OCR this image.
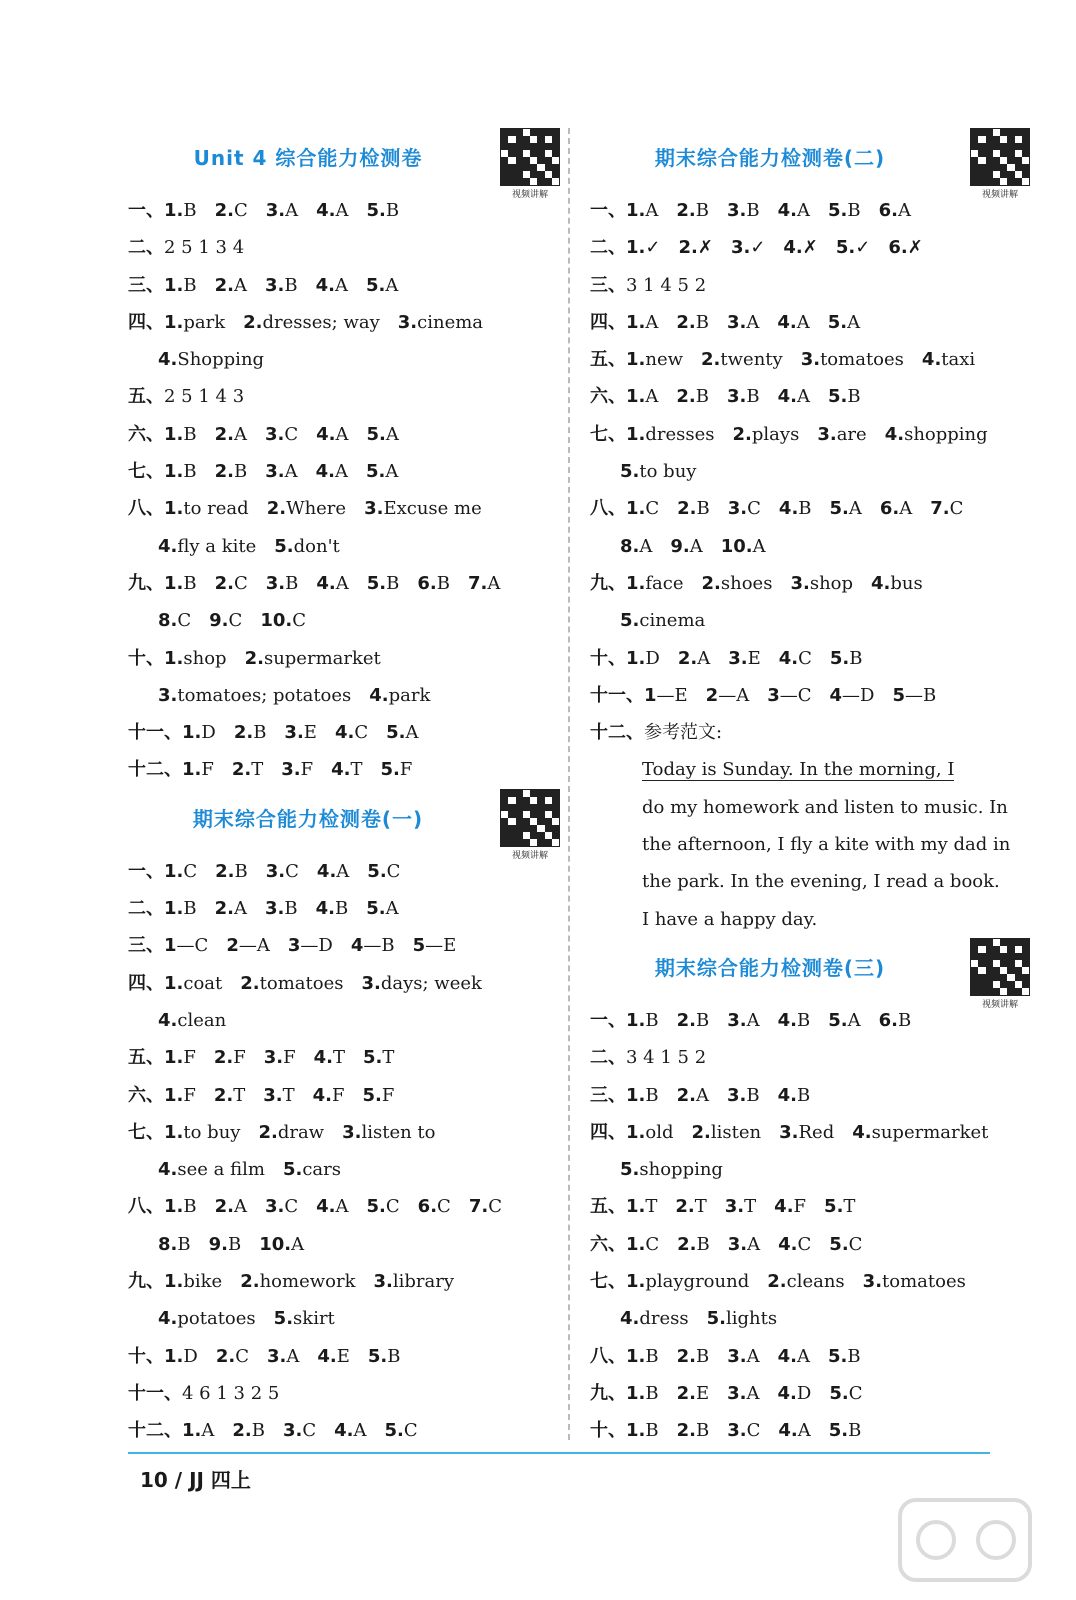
Unit 4 综合能力检测卷
视频讲解
一、1.B 2.C 3.A 4.A 5.B
二、2 5 1 3 4
三、1.B 2.A 3.B 4.A 5.A
四、1.park 2.dresses; way 3.cinema
4.Shopping
五、2 5 1 4 3
六、1.B 2.A 3.C 4.A 5.A
七、1.B 2.B 3.A 4.A 5.A
八、1.to read 2.Where 3.Excuse me
4.fly a kite 5.don't
九、1.B 2.C 3.B 4.A 5.B 6.B 7.A
8.C 9.C 10.C
十、1.shop 2.supermarket
3.tomatoes; potatoes 4.park
十一、1.D 2.B 3.E 4.C 5.A
十二、1.F 2.T 3.F 4.T 5.F
期末综合能力检测卷(一)
视频讲解
一、1.C 2.B 3.C 4.A 5.C
二、1.B 2.A 3.B 4.B 5.A
三、1—C 2—A 3—D 4—B 5—E
四、1.coat 2.tomatoes 3.days; week
4.clean
五、1.F 2.F 3.F 4.T 5.T
六、1.F 2.T 3.T 4.F 5.F
七、1.to buy 2.draw 3.listen to
4.see a film 5.cars
八、1.B 2.A 3.C 4.A 5.C 6.C 7.C
8.B 9.B 10.A
九、1.bike 2.homework 3.library
4.potatoes 5.skirt
十、1.D 2.C 3.A 4.E 5.B
十一、4 6 1 3 2 5
十二、1.A 2.B 3.C 4.A 5.C
期末综合能力检测卷(二)
视频讲解
一、1.A 2.B 3.B 4.A 5.B 6.A
二、1.✓ 2.✗ 3.✓ 4.✗ 5.✓ 6.✗
三、3 1 4 5 2
四、1.A 2.B 3.A 4.A 5.A
五、1.new 2.twenty 3.tomatoes 4.taxi
六、1.A 2.B 3.B 4.A 5.B
七、1.dresses 2.plays 3.are 4.shopping
5.to buy
八、1.C 2.B 3.C 4.B 5.A 6.A 7.C
8.A 9.A 10.A
九、1.face 2.shoes 3.shop 4.bus
5.cinema
十、1.D 2.A 3.E 4.C 5.B
十一、1—E 2—A 3—C 4—D 5—B
十二、参考范文:
Today is Sunday. In the morning, I
do my homework and listen to music. In
the afternoon, I fly a kite with my dad in
the park. In the evening, I read a book.
I have a happy day.
期末综合能力检测卷(三)
视频讲解
一、1.B 2.B 3.A 4.B 5.A 6.B
二、3 4 1 5 2
三、1.B 2.A 3.B 4.B
四、1.old 2.listen 3.Red 4.supermarket
5.shopping
五、1.T 2.T 3.T 4.F 5.T
六、1.C 2.B 3.A 4.C 5.C
七、1.playground 2.cleans 3.tomatoes
4.dress 5.lights
八、1.B 2.B 3.A 4.A 5.B
九、1.B 2.E 3.A 4.D 5.C
十、1.B 2.B 3.C 4.A 5.B
10 / JJ 四上
